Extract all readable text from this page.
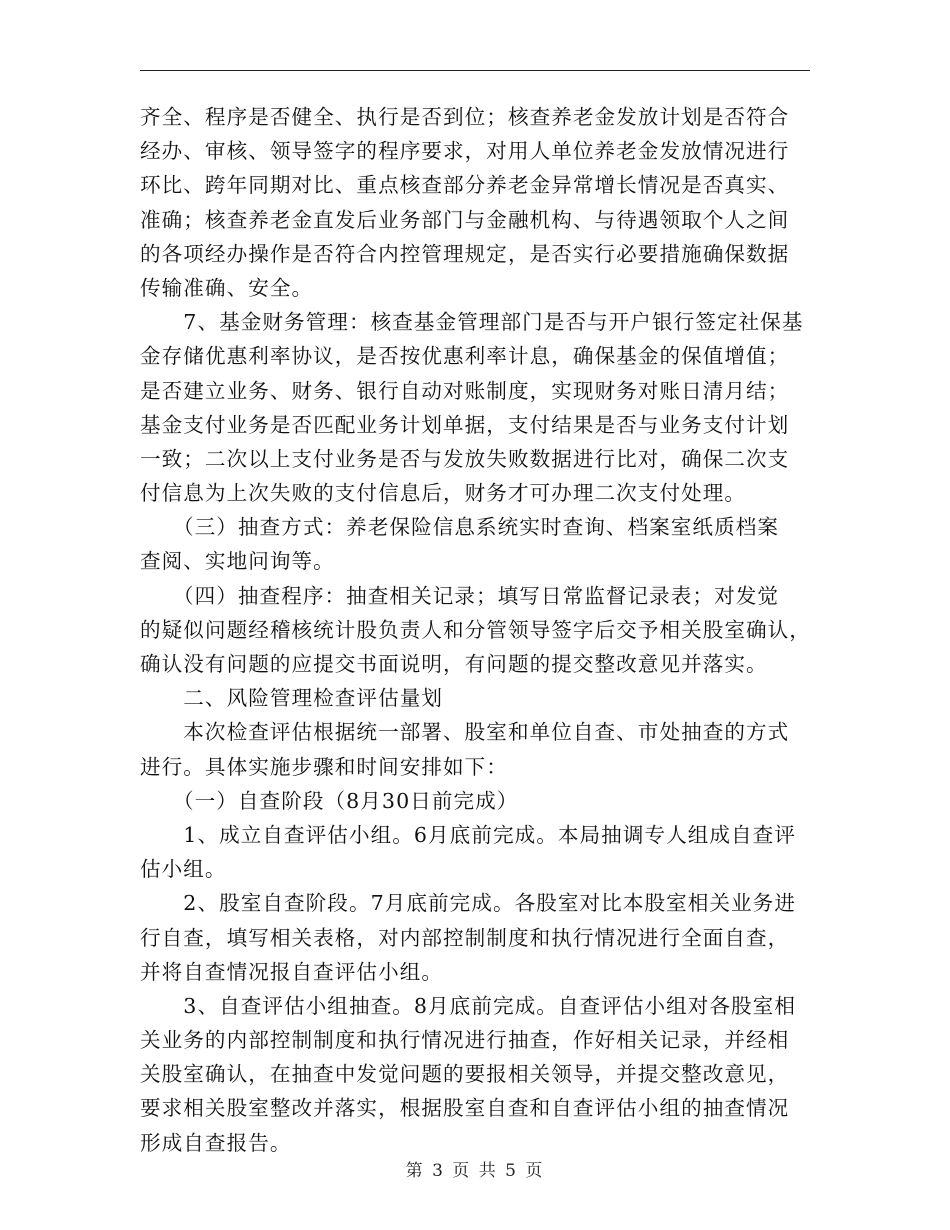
齐全、程序是否健全、执行是否到位；核查养老金发放计划是否符合
经办、审核、领导签字的程序要求，对用人单位养老金发放情况进行
环比、跨年同期对比、重点核查部分养老金异常增长情况是否真实、
准确；核查养老金直发后业务部门与金融机构、与待遇领取个人之间
的各项经办操作是否符合内控管理规定，是否实行必要措施确保数据
传输准确、安全。
　　7、基金财务管理：核查基金管理部门是否与开户银行签定社保基
金存储优惠利率协议，是否按优惠利率计息，确保基金的保值增值；
是否建立业务、财务、银行自动对账制度，实现财务对账日清月结；
基金支付业务是否匹配业务计划单据，支付结果是否与业务支付计划
一致；二次以上支付业务是否与发放失败数据进行比对，确保二次支
付信息为上次失败的支付信息后，财务才可办理二次支付处理。
　　（三）抽查方式：养老保险信息系统实时查询、档案室纸质档案
查阅、实地问询等。
　　（四）抽查程序：抽查相关记录；填写日常监督记录表；对发觉
的疑似问题经稽核统计股负责人和分管领导签字后交予相关股室确认，
确认没有问题的应提交书面说明，有问题的提交整改意见并落实。
　　二、风险管理检查评估量划
　　本次检查评估根据统一部署、股室和单位自查、市处抽查的方式
进行。具体实施步骤和时间安排如下：
　　（一）自查阶段（8月30日前完成）
　　1、成立自查评估小组。6月底前完成。本局抽调专人组成自查评
估小组。
　　2、股室自查阶段。7月底前完成。各股室对比本股室相关业务进
行自查，填写相关表格，对内部控制制度和执行情况进行全面自查，
并将自查情况报自查评估小组。
　　3、自查评估小组抽查。8月底前完成。自查评估小组对各股室相
关业务的内部控制制度和执行情况进行抽查，作好相关记录，并经相
关股室确认，在抽查中发觉问题的要报相关领导，并提交整改意见，
要求相关股室整改并落实，根据股室自查和自查评估小组的抽查情况
形成自查报告。
第 3 页 共 5 页
